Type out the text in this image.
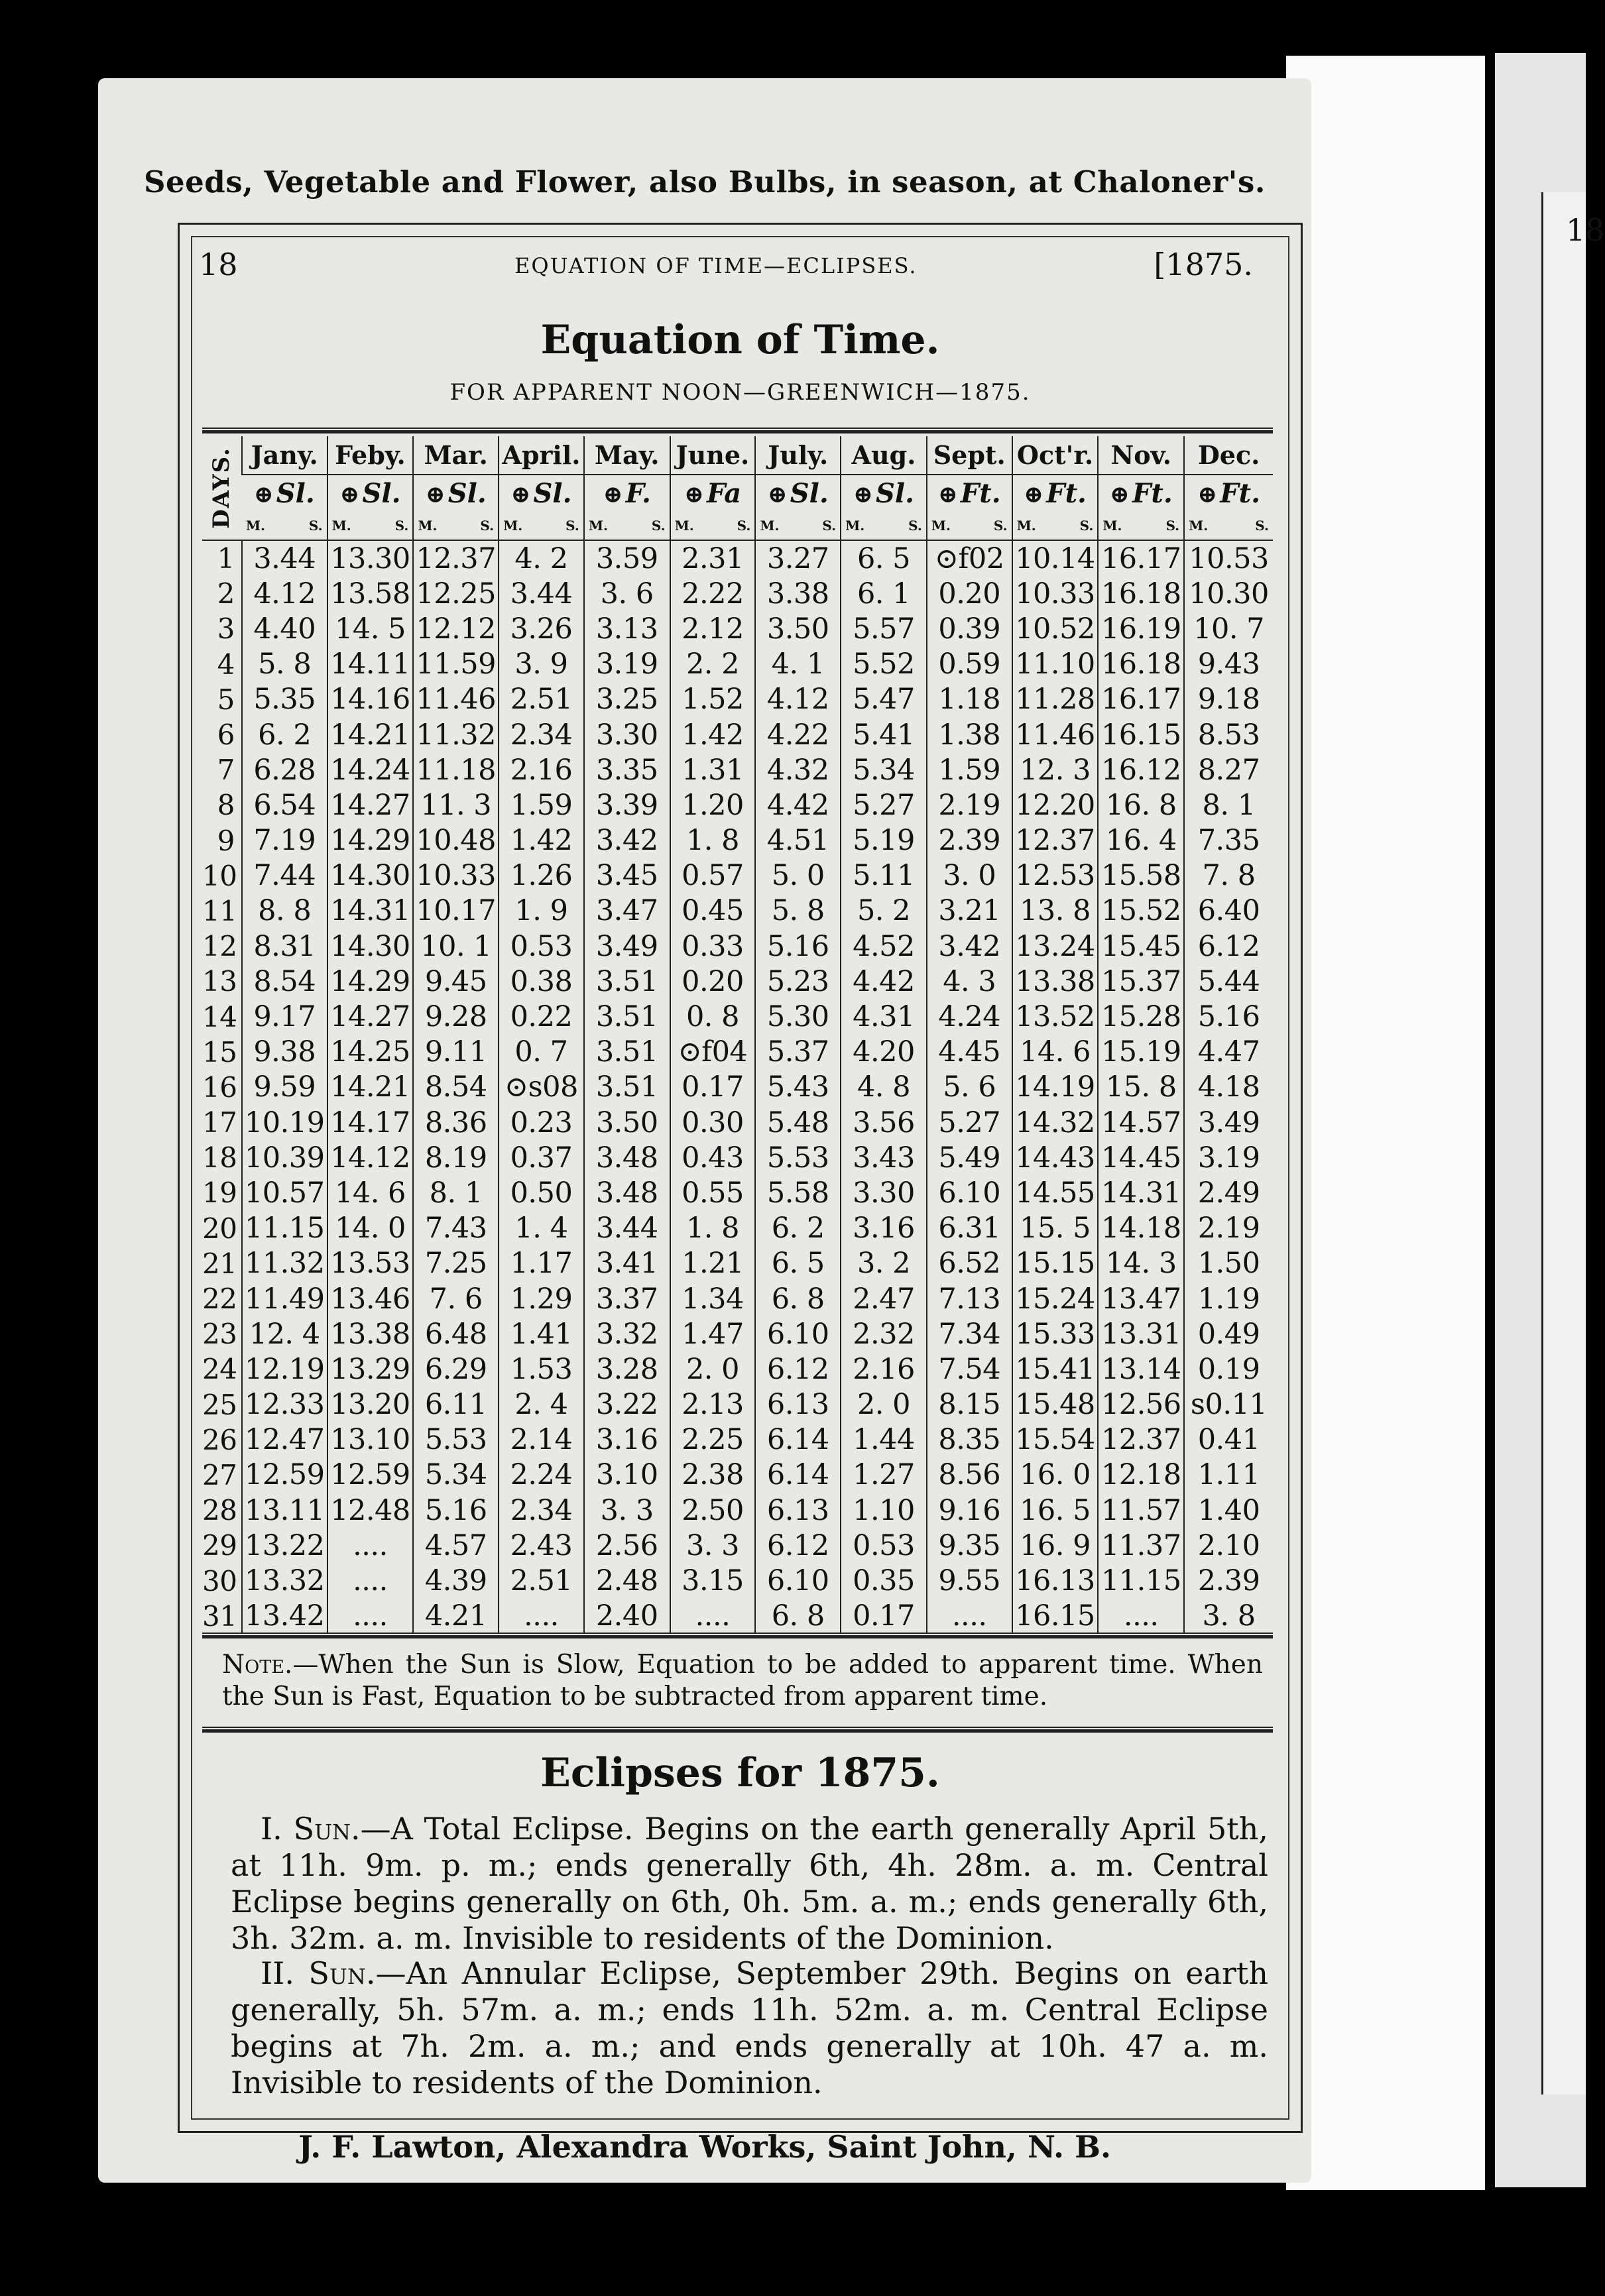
18
Seeds, Vegetable and Flower, also Bulbs, in season, at Chaloner's.
18	EQUATION OF TIME—ECLIPSES.	[1875.
Equation of Time.
FOR APPARENT NOON—GREENWICH—1875.
DAYS.	Jany.	Feby.	Mar.	April.	May.	June.	July.	Aug.	Sept.	Oct'r.	Nov.	Dec.
	⊕ Sl.	⊕ Sl.	⊕ Sl.	⊕ Sl.	⊕ F.	⊕ Fa	⊕ Sl.	⊕ Sl.	⊕ Ft.	⊕ Ft.	⊕ Ft.	⊕ Ft.

	M. S.	M. S.	M. S.	M. S.	M. S.	M. S.	M. S.	M. S.	M. S.	M. S.	M. S.	M. S.

1	3.44	13.30	12.37	4. 2	3.59	2.31	3.27	6. 5	⊙f02	10.14	16.17	10.53
2	4.12	13.58	12.25	3.44	3. 6	2.22	3.38	6. 1	0.20	10.33	16.18	10.30
3	4.40	14. 5	12.12	3.26	3.13	2.12	3.50	5.57	0.39	10.52	16.19	10. 7
4	5. 8	14.11	11.59	3. 9	3.19	2. 2	4. 1	5.52	0.59	11.10	16.18	9.43
5	5.35	14.16	11.46	2.51	3.25	1.52	4.12	5.47	1.18	11.28	16.17	9.18
6	6. 2	14.21	11.32	2.34	3.30	1.42	4.22	5.41	1.38	11.46	16.15	8.53
7	6.28	14.24	11.18	2.16	3.35	1.31	4.32	5.34	1.59	12. 3	16.12	8.27
8	6.54	14.27	11. 3	1.59	3.39	1.20	4.42	5.27	2.19	12.20	16. 8	8. 1
9	7.19	14.29	10.48	1.42	3.42	1. 8	4.51	5.19	2.39	12.37	16. 4	7.35
10	7.44	14.30	10.33	1.26	3.45	0.57	5. 0	5.11	3. 0	12.53	15.58	7. 8
11	8. 8	14.31	10.17	1. 9	3.47	0.45	5. 8	5. 2	3.21	13. 8	15.52	6.40
12	8.31	14.30	10. 1	0.53	3.49	0.33	5.16	4.52	3.42	13.24	15.45	6.12
13	8.54	14.29	9.45	0.38	3.51	0.20	5.23	4.42	4. 3	13.38	15.37	5.44
14	9.17	14.27	9.28	0.22	3.51	0. 8	5.30	4.31	4.24	13.52	15.28	5.16
15	9.38	14.25	9.11	0. 7	3.51	⊙f04	5.37	4.20	4.45	14. 6	15.19	4.47
16	9.59	14.21	8.54	⊙s08	3.51	0.17	5.43	4. 8	5. 6	14.19	15. 8	4.18
17	10.19	14.17	8.36	0.23	3.50	0.30	5.48	3.56	5.27	14.32	14.57	3.49
18	10.39	14.12	8.19	0.37	3.48	0.43	5.53	3.43	5.49	14.43	14.45	3.19
19	10.57	14. 6	8. 1	0.50	3.48	0.55	5.58	3.30	6.10	14.55	14.31	2.49
20	11.15	14. 0	7.43	1. 4	3.44	1. 8	6. 2	3.16	6.31	15. 5	14.18	2.19
21	11.32	13.53	7.25	1.17	3.41	1.21	6. 5	3. 2	6.52	15.15	14. 3	1.50
22	11.49	13.46	7. 6	1.29	3.37	1.34	6. 8	2.47	7.13	15.24	13.47	1.19
23	12. 4	13.38	6.48	1.41	3.32	1.47	6.10	2.32	7.34	15.33	13.31	0.49
24	12.19	13.29	6.29	1.53	3.28	2. 0	6.12	2.16	7.54	15.41	13.14	0.19
25	12.33	13.20	6.11	2. 4	3.22	2.13	6.13	2. 0	8.15	15.48	12.56	s0.11
26	12.47	13.10	5.53	2.14	3.16	2.25	6.14	1.44	8.35	15.54	12.37	0.41
27	12.59	12.59	5.34	2.24	3.10	2.38	6.14	1.27	8.56	16. 0	12.18	1.11
28	13.11	12.48	5.16	2.34	3. 3	2.50	6.13	1.10	9.16	16. 5	11.57	1.40
29	13.22	....	4.57	2.43	2.56	3. 3	6.12	0.53	9.35	16. 9	11.37	2.10
30	13.32	....	4.39	2.51	2.48	3.15	6.10	0.35	9.55	16.13	11.15	2.39
31	13.42	....	4.21	....	2.40	....	6. 8	0.17	....	16.15	....	3. 8
Note.—When the Sun is Slow, Equation to be added to apparent time. When the Sun is Fast, Equation to be subtracted from apparent time.
Eclipses for 1875.
I. Sun.—A Total Eclipse. Begins on the earth generally April 5th, at 11h. 9m. p. m.; ends generally 6th, 4h. 28m. a. m. Central Eclipse begins generally on 6th, 0h. 5m. a. m.; ends generally 6th, 3h. 32m. a. m. Invisible to residents of the Dominion.
II. Sun.—An Annular Eclipse, September 29th. Begins on earth generally, 5h. 57m. a. m.; ends 11h. 52m. a. m. Central Eclipse begins at 7h. 2m. a. m.; and ends generally at 10h. 47 a. m. Invisible to residents of the Dominion.
J. F. Lawton, Alexandra Works, Saint John, N. B.
